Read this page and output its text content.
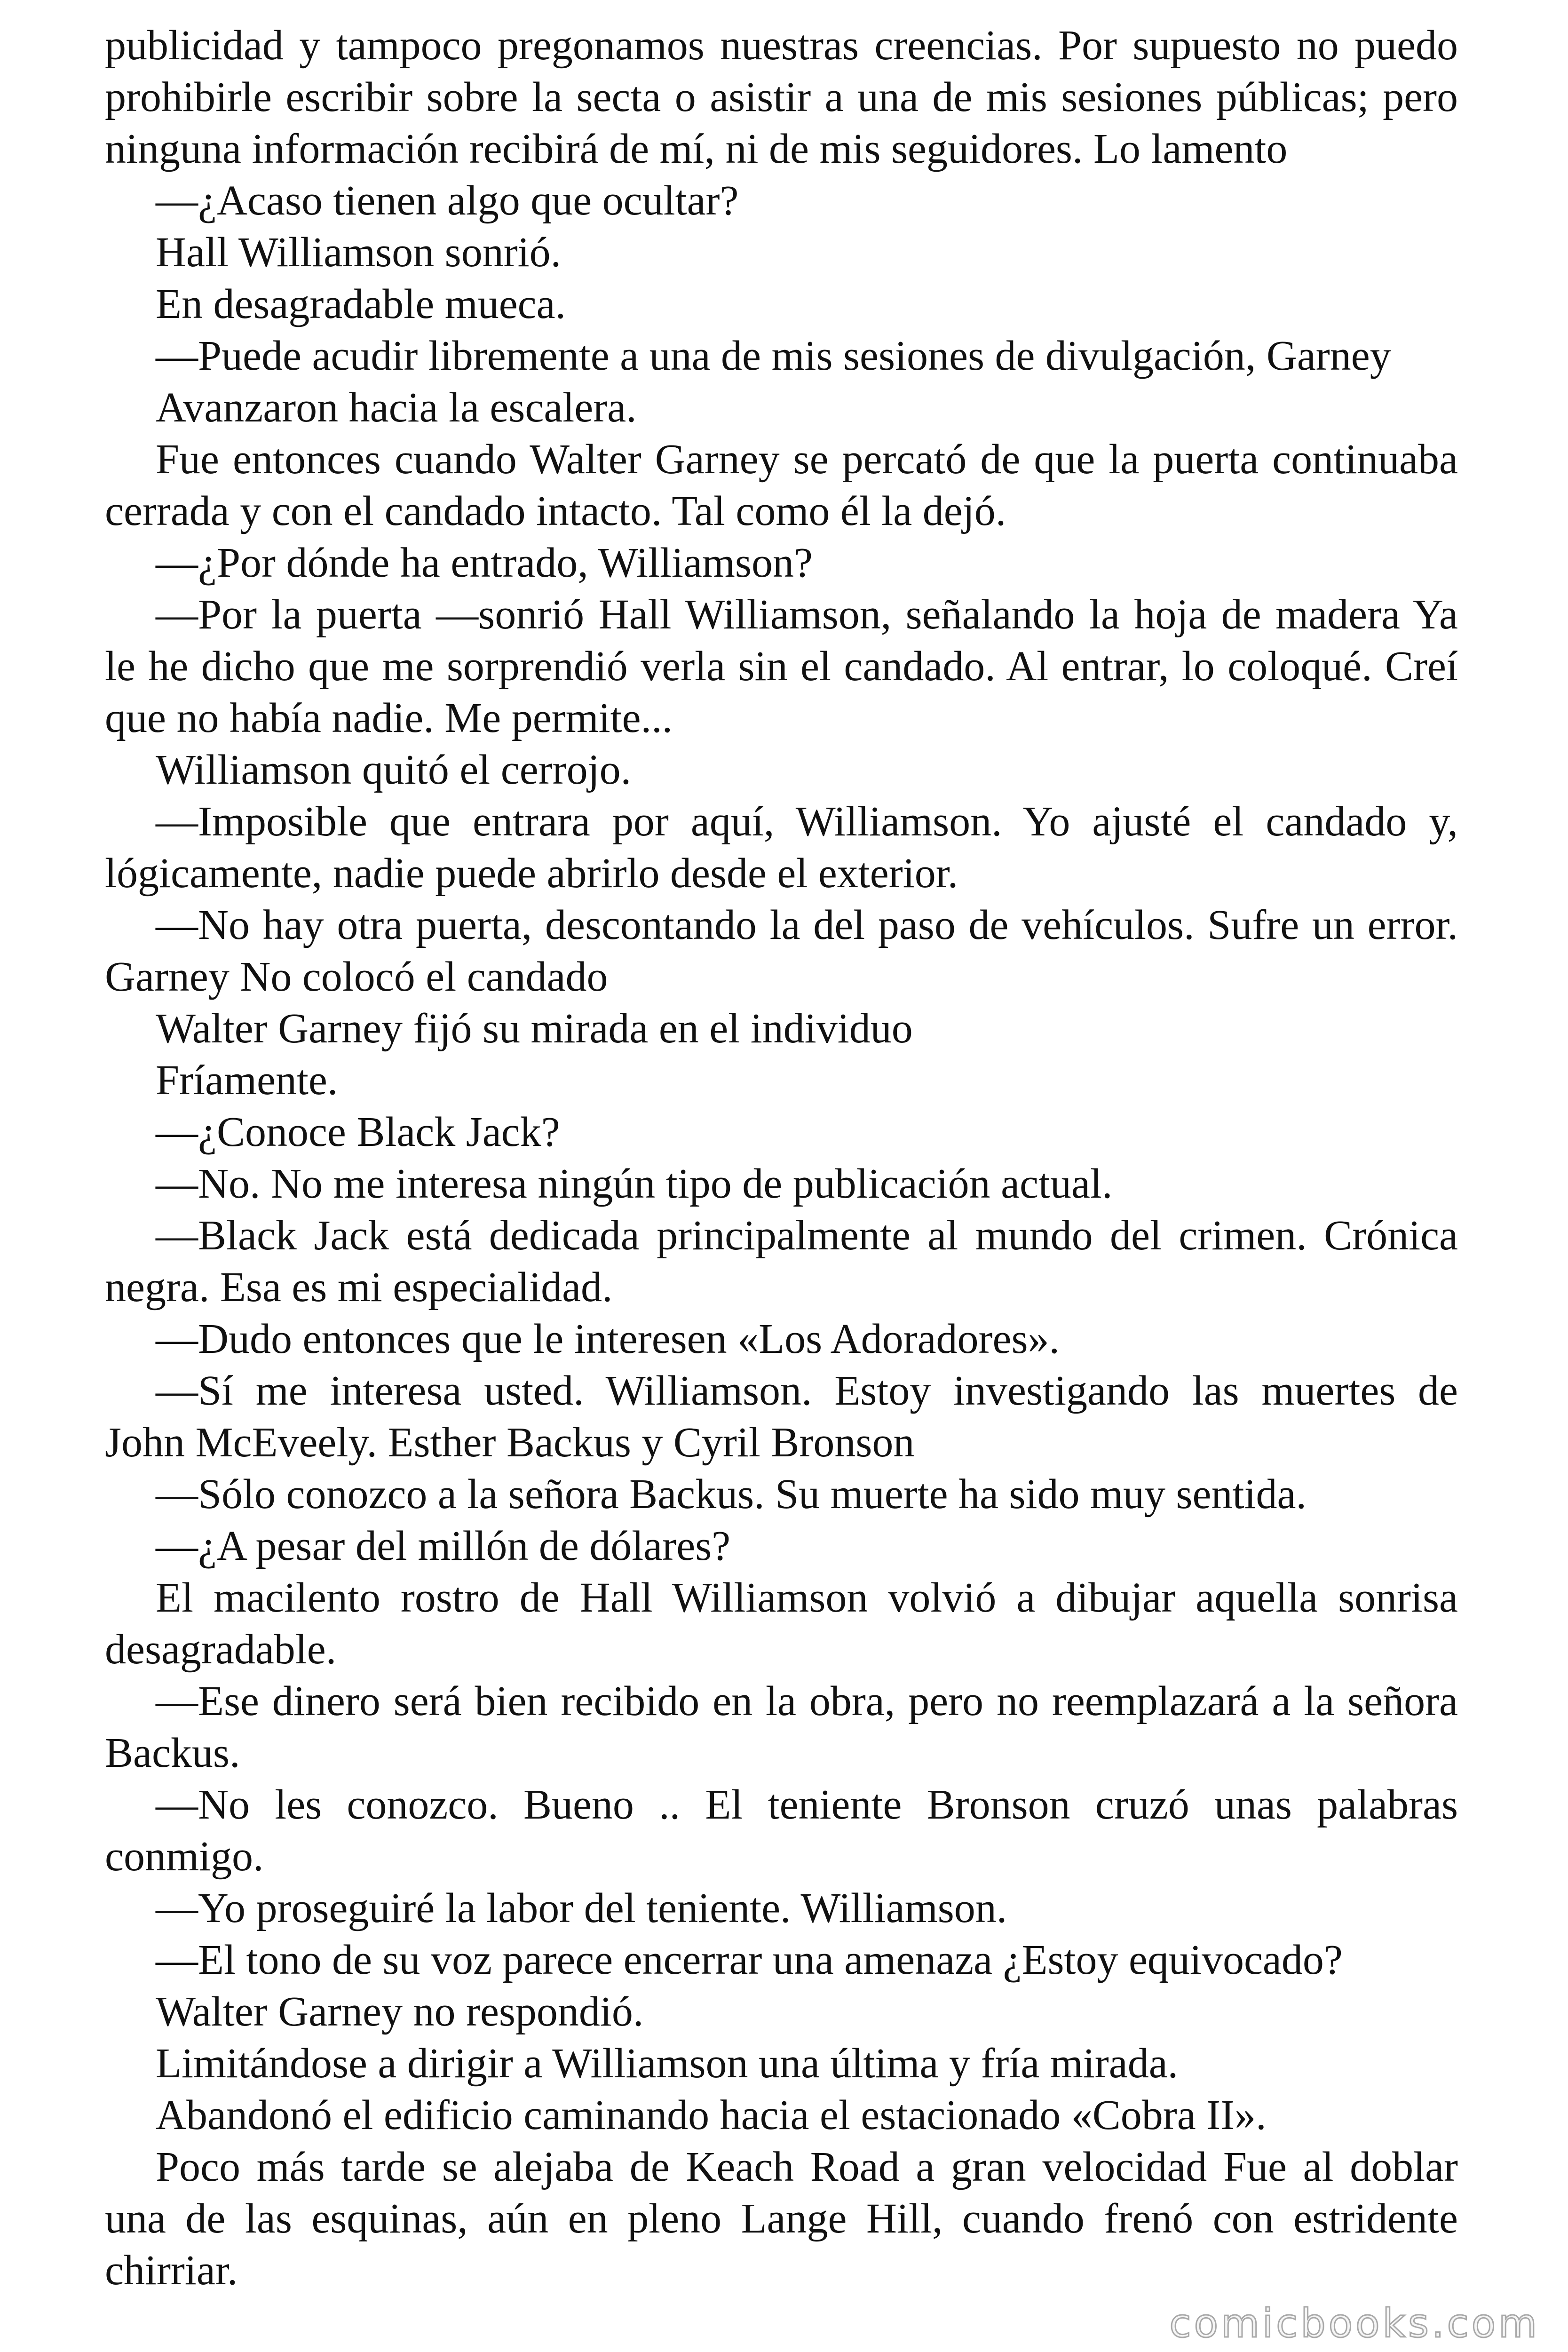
publicidad y tampoco pregonamos nuestras creencias. Por supuesto no puedo
prohibirle escribir sobre la secta o asistir a una de mis sesiones públicas; pero
ninguna información recibirá de mí, ni de mis seguidores. Lo lamento
—¿Acaso tienen algo que ocultar?
Hall Williamson sonrió.
En desagradable mueca.
—Puede acudir libremente a una de mis sesiones de divulgación, Garney
Avanzaron hacia la escalera.
Fue entonces cuando Walter Garney se percató de que la puerta continuaba
cerrada y con el candado intacto. Tal como él la dejó.
—¿Por dónde ha entrado, Williamson?
—Por la puerta —sonrió Hall Williamson, señalando la hoja de madera Ya
le he dicho que me sorprendió verla sin el candado. Al entrar, lo coloqué. Creí
que no había nadie. Me permite...
Williamson quitó el cerrojo.
—Imposible que entrara por aquí, Williamson. Yo ajusté el candado y,
lógicamente, nadie puede abrirlo desde el exterior.
—No hay otra puerta, descontando la del paso de vehículos. Sufre un error.
Garney No colocó el candado
Walter Garney fijó su mirada en el individuo
Fríamente.
—¿Conoce Black Jack?
—No. No me interesa ningún tipo de publicación actual.
—Black Jack está dedicada principalmente al mundo del crimen. Crónica
negra. Esa es mi especialidad.
—Dudo entonces que le interesen «Los Adoradores».
—Sí me interesa usted. Williamson. Estoy investigando las muertes de
John McEveely. Esther Backus y Cyril Bronson
—Sólo conozco a la señora Backus. Su muerte ha sido muy sentida.
—¿A pesar del millón de dólares?
El macilento rostro de Hall Williamson volvió a dibujar aquella sonrisa
desagradable.
—Ese dinero será bien recibido en la obra, pero no reemplazará a la señora
Backus.
—No les conozco. Bueno .. El teniente Bronson cruzó unas palabras
conmigo.
—Yo proseguiré la labor del teniente. Williamson.
—El tono de su voz parece encerrar una amenaza ¿Estoy equivocado?
Walter Garney no respondió.
Limitándose a dirigir a Williamson una última y fría mirada.
Abandonó el edificio caminando hacia el estacionado «Cobra II».
Poco más tarde se alejaba de Keach Road a gran velocidad Fue al doblar
una de las esquinas, aún en pleno Lange Hill, cuando frenó con estridente
chirriar.
comicbooks.com
